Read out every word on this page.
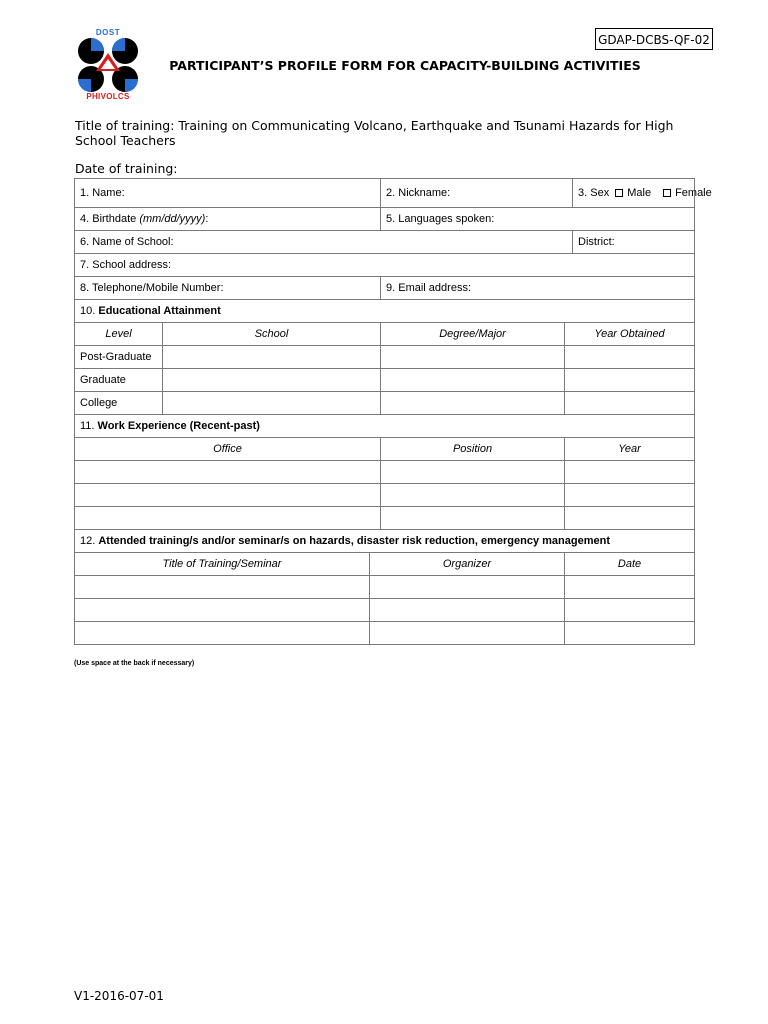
DOST
PHIVOLCS
GDAP-DCBS-QF-02
PARTICIPANT’S PROFILE FORM FOR CAPACITY-BUILDING ACTIVITIES
Title of training: Training on Communicating Volcano, Earthquake and Tsunami Hazards for High School Teachers
Date of training:
1. Name:			2. Nickname:		3. Sex Male Female
4. Birthdate (mm/dd/yyyy):			5. Languages spoken:		
6. Name of School:					District:
7. School address:					
8. Telephone/Mobile Number:			9. Email address:		
10. Educational Attainment					
Level	School		Degree/Major	Year Obtained	
Post-Graduate					
Graduate					
College					
11. Work Experience (Recent-past)					
Office			Position	Year	

12. Attended training/s and/or seminar/s on hazards, disaster risk reduction, emergency management					
Title of Training/Seminar		Organizer		Date	

(Use space at the back if necessary)
V1-2016-07-01
